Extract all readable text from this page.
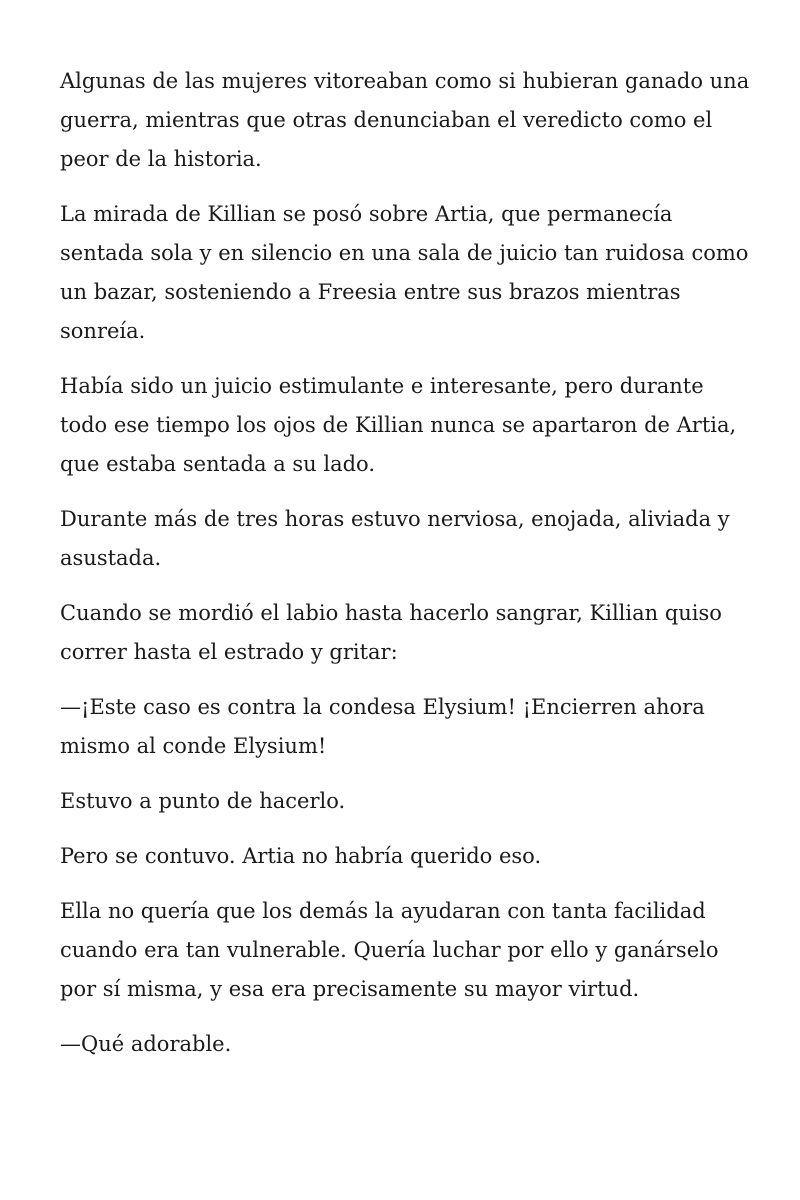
Algunas de las mujeres vitoreaban como si hubieran ganado una guerra, mientras que otras denunciaban el veredicto como el peor de la historia.

La mirada de Killian se posó sobre Artia, que permanecía sentada sola y en silencio en una sala de juicio tan ruidosa como un bazar, sosteniendo a Freesia entre sus brazos mientras sonreía.

Había sido un juicio estimulante e interesante, pero durante todo ese tiempo los ojos de Killian nunca se apartaron de Artia, que estaba sentada a su lado.

Durante más de tres horas estuvo nerviosa, enojada, aliviada y asustada.

Cuando se mordió el labio hasta hacerlo sangrar, Killian quiso correr hasta el estrado y gritar:

—¡Este caso es contra la condesa Elysium! ¡Encierren ahora mismo al conde Elysium!

Estuvo a punto de hacerlo.

Pero se contuvo. Artia no habría querido eso.

Ella no quería que los demás la ayudaran con tanta facilidad cuando era tan vulnerable. Quería luchar por ello y ganárselo por sí misma, y esa era precisamente su mayor virtud.

—Qué adorable.
